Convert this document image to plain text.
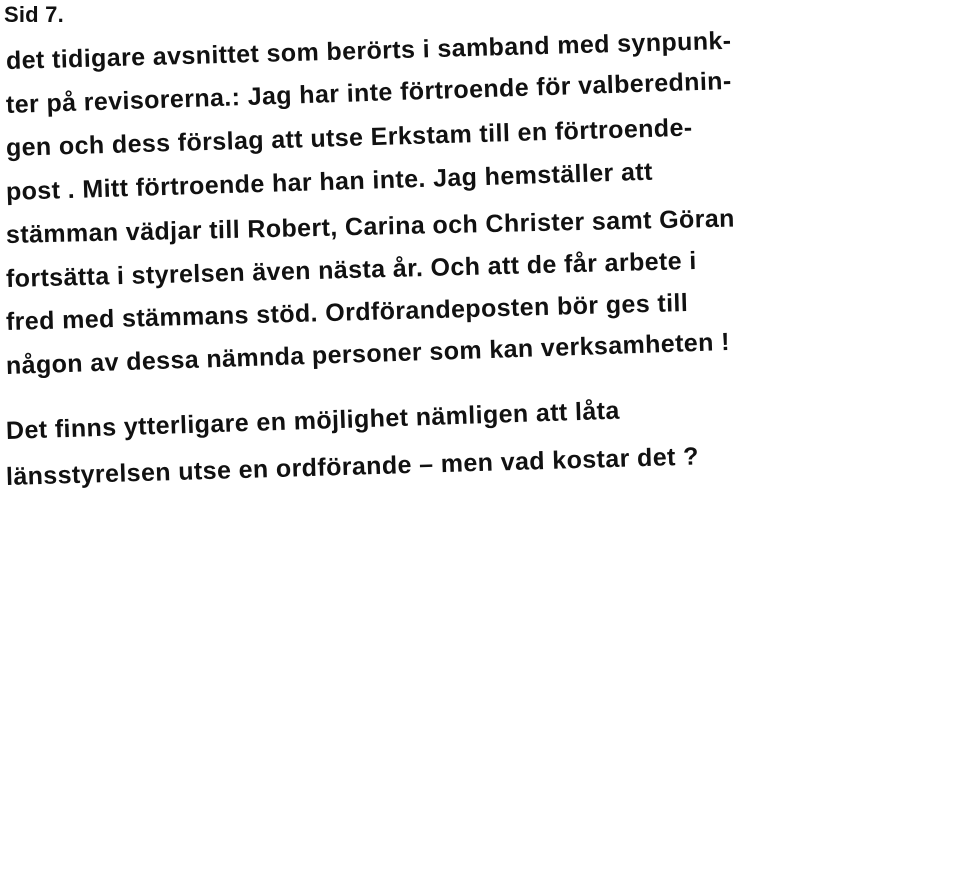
Sid 7.
det tidigare avsnittet som berörts i samband med synpunk-
ter på revisorerna.: Jag har inte förtroende för valberednin-
gen och dess förslag att utse Erkstam till en förtroende-
post . Mitt förtroende har han inte. Jag hemställer att
stämman vädjar till Robert, Carina och Christer samt Göran
fortsätta i styrelsen även nästa år. Och att de får arbete i
fred med stämmans stöd. Ordförandeposten bör ges till
någon av dessa nämnda personer som kan verksamheten !
Det finns ytterligare en möjlighet nämligen att låta
länsstyrelsen utse en ordförande – men vad kostar det ?
